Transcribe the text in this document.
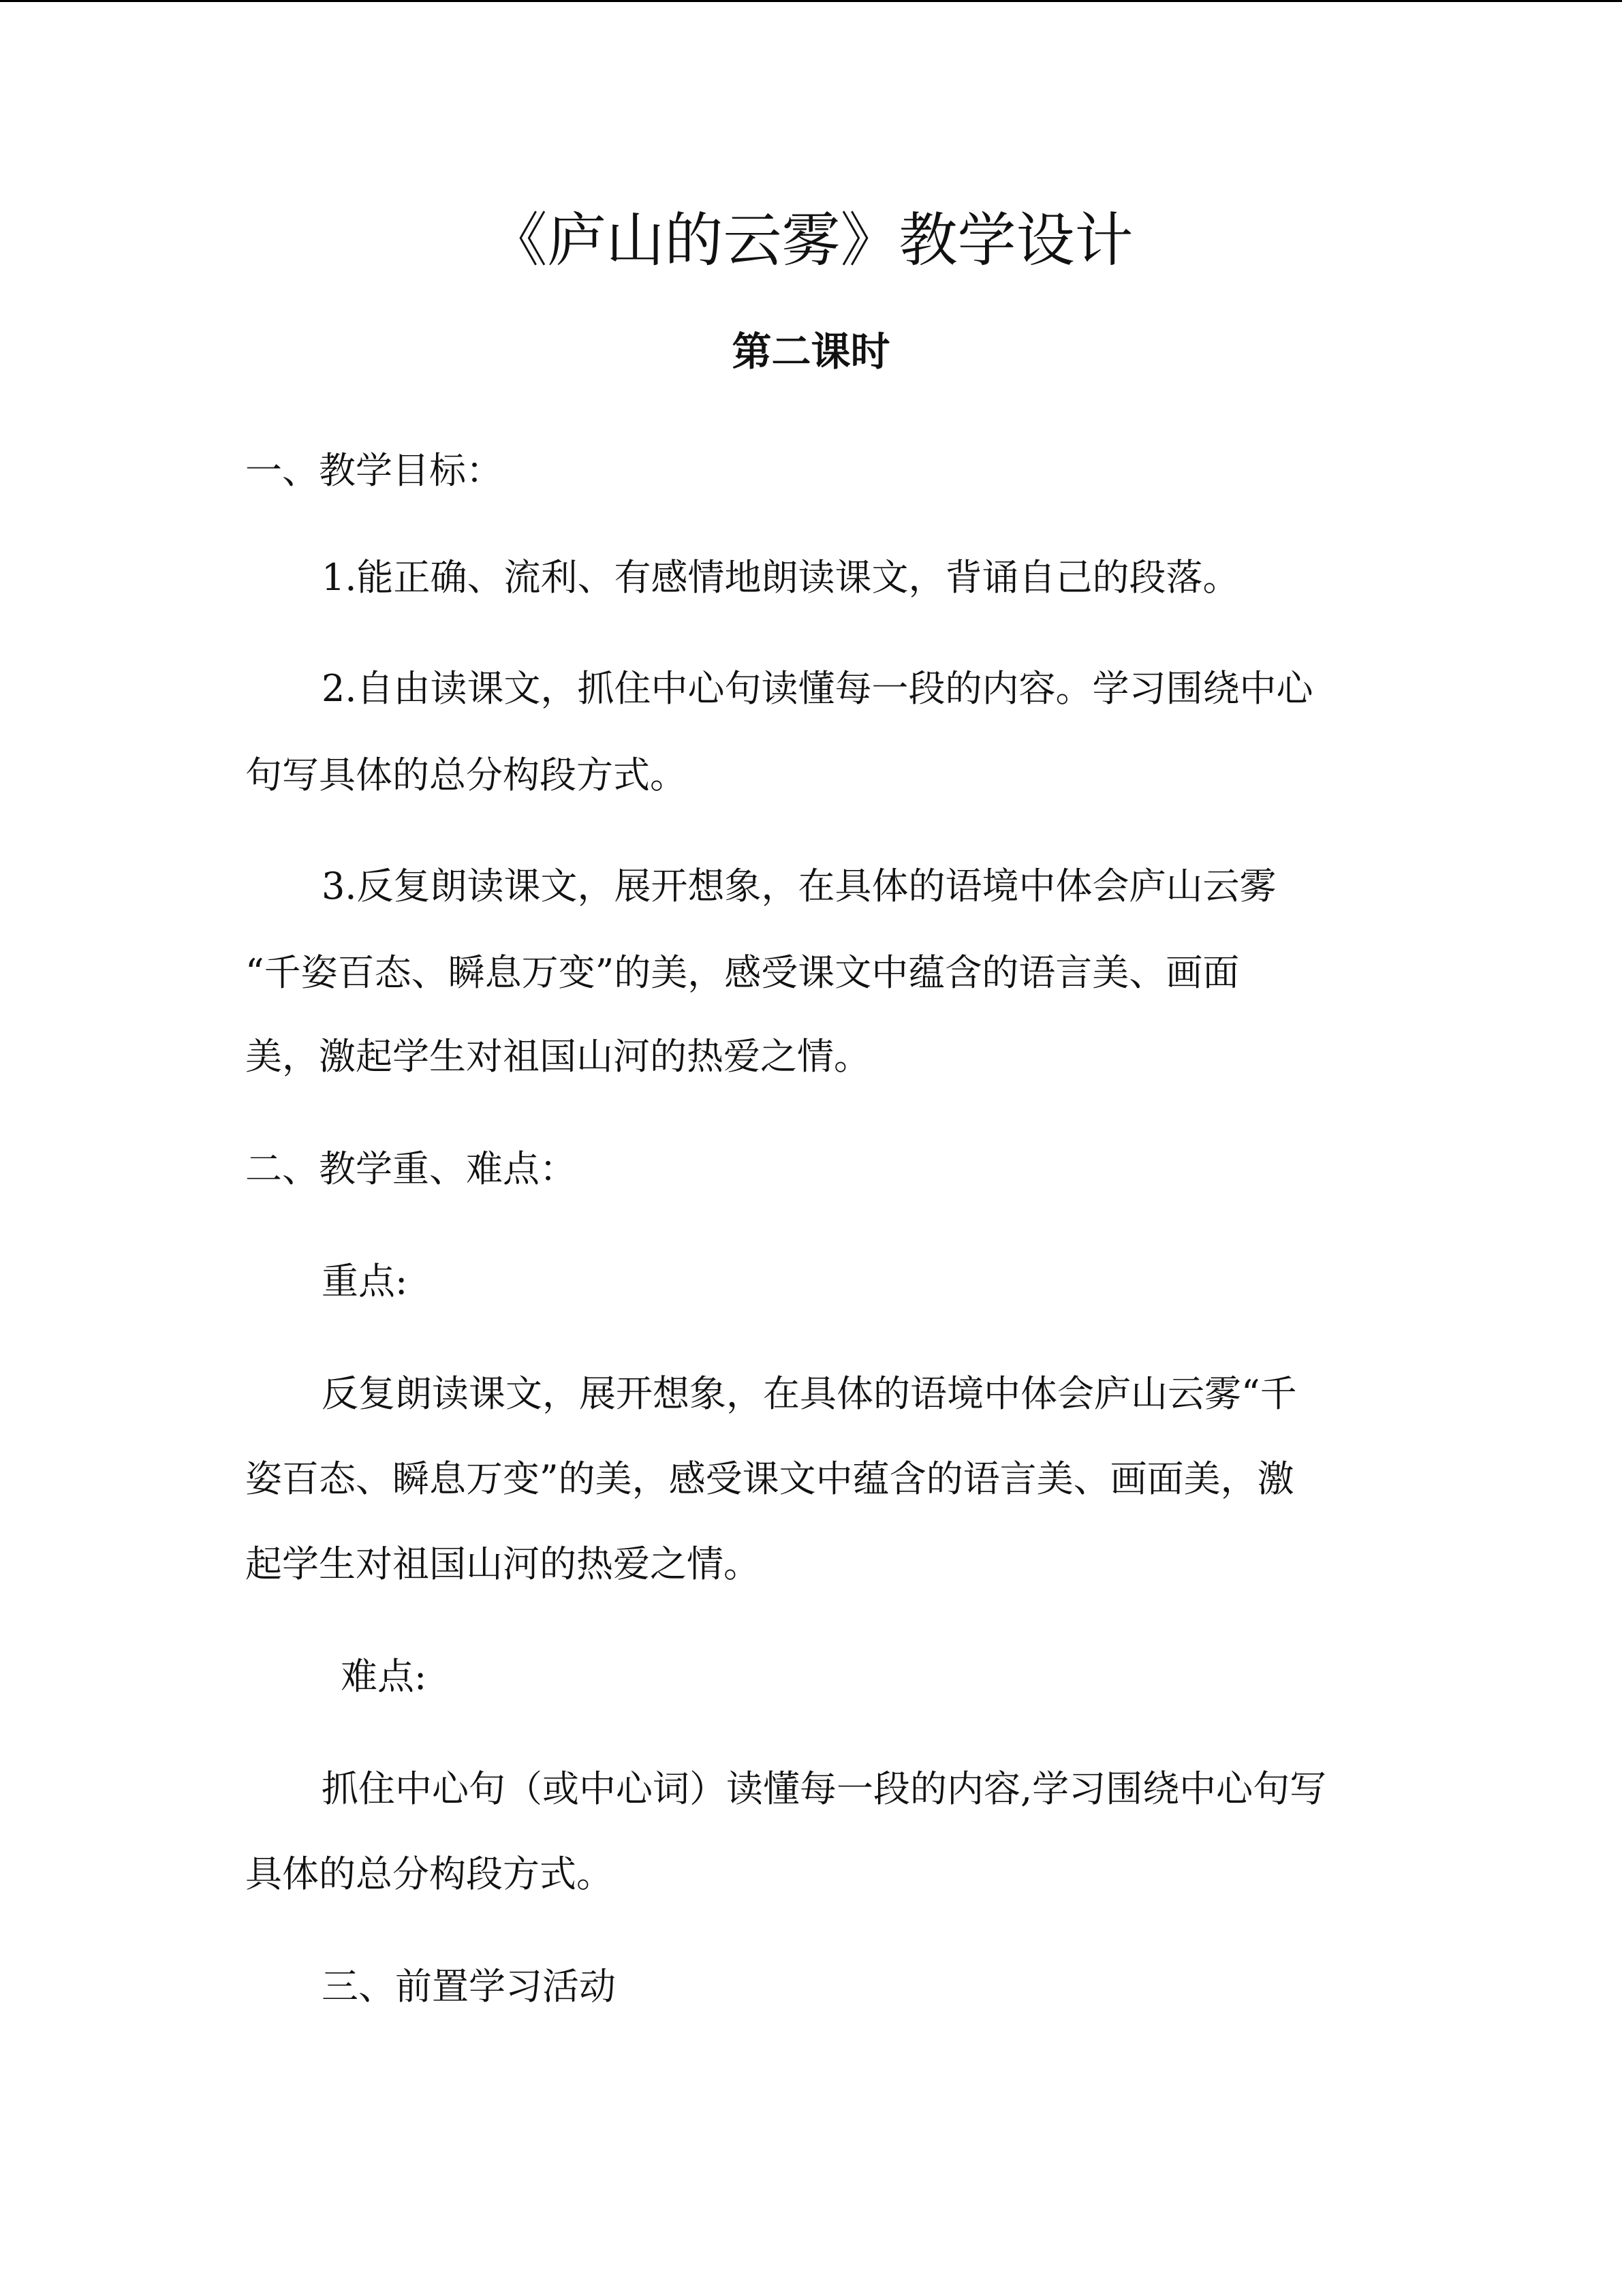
《庐山的云雾》教学设计
第二课时

一、教学目标：

1.能正确、流利、有感情地朗读课文，背诵自己的段落。

2.自由读课文，抓住中心句读懂每一段的内容。学习围绕中心

句写具体的总分构段方式。

3.反复朗读课文，展开想象，在具体的语境中体会庐山云雾

“千姿百态、瞬息万变”的美，感受课文中蕴含的语言美、画面

美，激起学生对祖国山河的热爱之情。

二、教学重、难点：

重点:

反复朗读课文，展开想象，在具体的语境中体会庐山云雾“千

姿百态、瞬息万变”的美，感受课文中蕴含的语言美、画面美，激

起学生对祖国山河的热爱之情。

难点:

抓住中心句（或中心词）读懂每一段的内容,学习围绕中心句写

具体的总分构段方式。

三、前置学习活动
